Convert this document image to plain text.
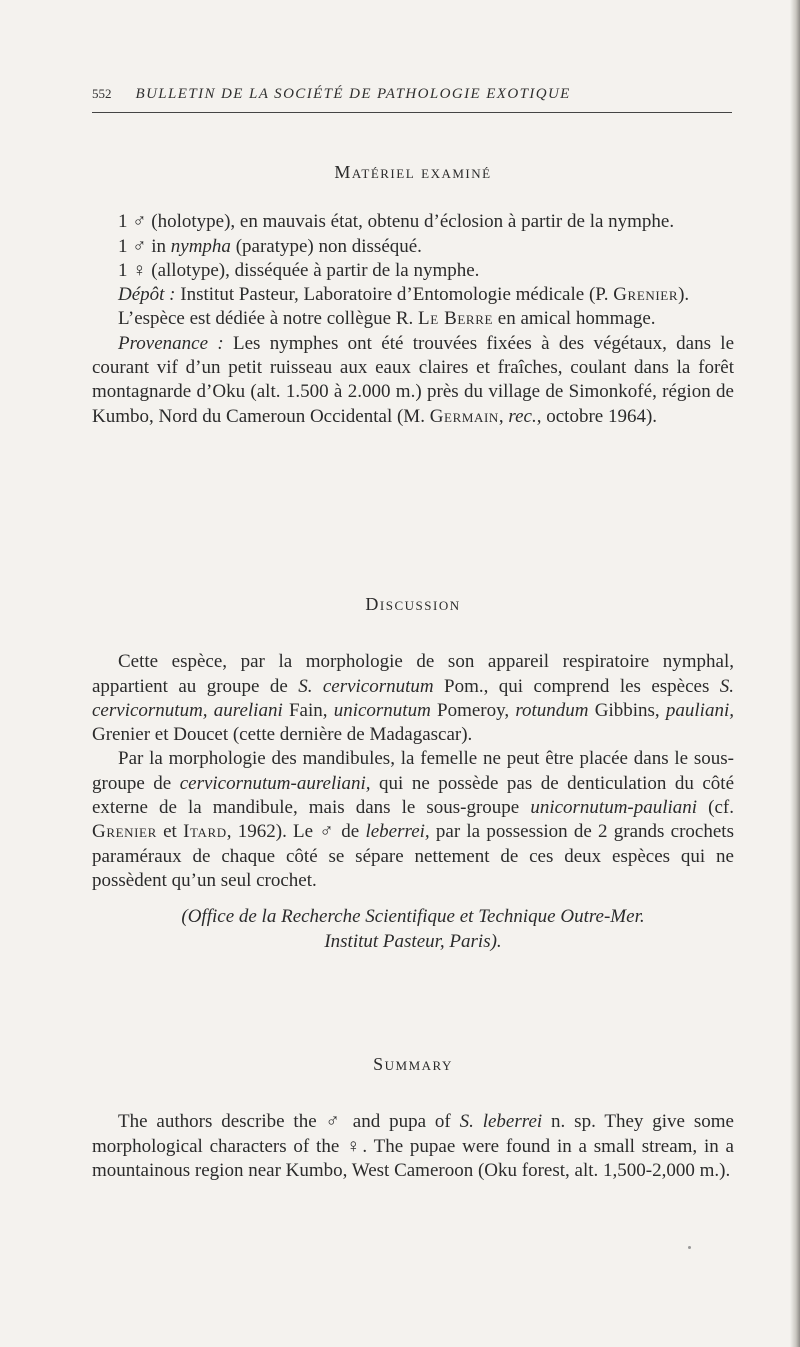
552 BULLETIN DE LA SOCIÉTÉ DE PATHOLOGIE EXOTIQUE

Matériel examiné

1 ♂ (holotype), en mauvais état, obtenu d’éclosion à partir de la nymphe.

1 ♂ in nympha (paratype) non disséqué.

1 ♀ (allotype), disséquée à partir de la nymphe.

Dépôt : Institut Pasteur, Laboratoire d’Entomologie médicale (P. Grenier).

L’espèce est dédiée à notre collègue R. Le Berre en amical hommage.

Provenance : Les nymphes ont été trouvées fixées à des végétaux, dans le courant vif d’un petit ruisseau aux eaux claires et fraîches, coulant dans la forêt montagnarde d’Oku (alt. 1.500 à 2.000 m.) près du village de Simonkofé, région de Kumbo, Nord du Cameroun Occidental (M. Germain, rec., octobre 1964).

Discussion

Cette espèce, par la morphologie de son appareil respiratoire nymphal, appartient au groupe de S. cervicornutum Pom., qui comprend les espèces S. cervicornutum, aureliani Fain, unicornutum Pomeroy, rotundum Gibbins, pauliani, Grenier et Doucet (cette dernière de Madagascar).

Par la morphologie des mandibules, la femelle ne peut être placée dans le sous-groupe de cervicornutum-aureliani, qui ne possède pas de denticulation du côté externe de la mandibule, mais dans le sous-groupe unicornutum-pauliani (cf. Grenier et Itard, 1962). Le ♂ de leberrei, par la possession de 2 grands crochets paraméraux de chaque côté se sépare nettement de ces deux espèces qui ne possèdent qu’un seul crochet.

(Office de la Recherche Scientifique et Technique Outre-Mer.

Institut Pasteur, Paris).

Summary

The authors describe the ♂ and pupa of S. leberrei n. sp. They give some morphological characters of the ♀. The pupae were found in a small stream, in a mountainous region near Kumbo, West Cameroon (Oku forest, alt. 1,500-2,000 m.).
